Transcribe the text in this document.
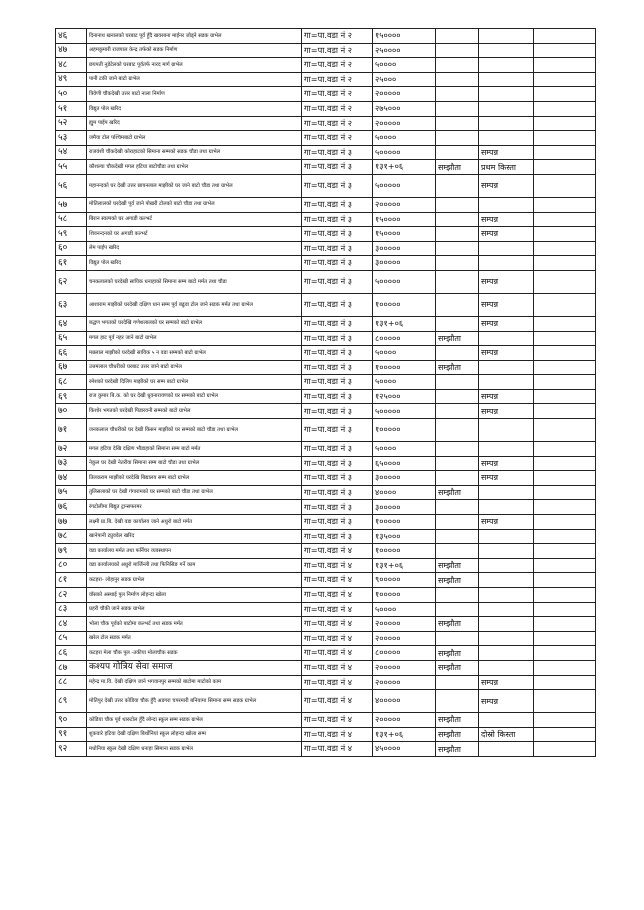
४६	दिनानाथ खनालको घरबाट पूर्व हुँदै खयरबना माईनर जोड्ने सडक ग्राभेल	गा=पा.वडा नं २	१५००००			
४७	अहमकुमारी राजपाल केन्द्र तर्फको सडक निर्माण	गा=पा.वडा नं २	२५००००			
४८	छयपती नुडेटेलको घरबाट पूर्वतर्फ नारद मार्ग ग्राभेल	गा=पा.वडा नं २	५००००			
४९	पानी टकी जाने बाटो ग्राभेल	गा=पा.वडा नं २	२५०००			
५०	त्रिवेणी चौकदेखी उत्तर बाटो नाला निर्माण	गा=पा.वडा नं २	२०००००			
५१	विद्युत पोल खरिद	गा=पा.वडा नं २	२७५०००			
५२	ह्युम पाईप खरिद	गा=पा.वडा नं २	२०००००			
५३	जमैया टोल पश्चिमबाटो ग्राभेल	गा=पा.वडा नं २	५००००			
५४	राजवंशी चौकदेखी कोराहाटको सिमाना सम्मको सडक चौडा तथा ग्राभेल	गा=पा.वडा नं ३	५०००००		सम्पन्न	
५५	कौशल्या चौकदेखी मगल हटिया बाटोचौडा तथा ग्राभेल	गा=पा.वडा नं ३	१३१+०६	सम्झौता	प्रथम किस्ता	
५६	महानन्दको घर देखी उत्तर छायनलाल माझीको घर जाने बाटो चौडा तथा ग्राभेल	गा=पा.वडा नं ३	५०००००		सम्पन्न	
५७	मोतिलालको घरदेखी पूर्व जाने पोखरी टोलको बाटो चौडा तथा ग्राभेल	गा=पा.वडा नं ३	२०००००			
५८	बिरान स्वल्पको घर अगाडी कल्भर्ट	गा=पा.वडा नं ३	१५००००		सम्पन्न	
५९	शिवनन्दनको घर अगाडी कल्भर्ट	गा=पा.वडा नं ३	१५००००		सम्पन्न	
६०	लेम पाईप खरिद	गा=पा.वडा नं ३	३०००००			
६१	विद्युत पोल खरिद	गा=पा.वडा नं ३	३०००००			
६२	चनकलालको घरदेखी सायिक धनाहाको सिमाना सम्म बाटो मर्मत तथा चौडा	गा=पा.वडा नं ३	५०००००		सम्पन्न	
६३	आशाराम माझीको घरदेखी दक्षिण धान सम्म पूर्व बढुवा टोल जाने सडक मर्मत तथा ग्राभेल	गा=पा.वडा नं ३	१०००००		सम्पन्न	
६४	बद्धण भगतको घरदेखि गणेशलालको घर सम्मको बाटो ग्राभेल	गा=पा.वडा नं ३	१३१+०६		सम्पन्न	
६५	मगल हाट पूर्व नहर जाने बाटो ग्राभेल	गा=पा.वडा नं ३	८०००००	सम्झौता		
६६	मन्नलाल माझीको घरदेखी सायिक ५ न वडा सम्मको बाटो ग्राभेल	गा=पा.वडा नं ३	५००००		सम्पन्न	
६७	उत्तमलाल चौधरीको घरबाट उत्तर जाने बाटो ग्राभेल	गा=पा.वडा नं ३	१०००००	सम्झौता		
६८	रमेशको घरदेखी दिलिप माझीको घर सम्म बाटो ग्राभेल	गा=पा.वडा नं ३	५००००			
६९	राज कुमार बि.क. को घर देखी धुवनारायणको घर सम्मको बाटो ग्राभेल	गा=पा.वडा नं ३	१२५०००		सम्पन्न	
७०	किशोर भगतको घरदेखी पिडारवनी सम्मको बाटो ग्राभेल	गा=पा.वडा नं ३	५०००००		सम्पन्न	
७१	जनकलाल चौधरीको घर देखी किसन माझीको घर सम्मको बाटो चौडा तथा ग्राभेल	गा=पा.वडा नं ३	१०००००			
७२	मगल हटिया देखि दक्षिण भौडाहाको सिमाना सम्म बाटो मर्मत	गा=पा.वडा नं ३	५००००			
७३	नेकुल घर देखी नेतरीया सिमाना सम्म बाटो चौडा तथा ग्राभेल	गा=पा.वडा नं ३	६५००००		सम्पन्न	
७४	तिलकराम माझीको घरदेखि बिद्यालय सम्म बाटो ग्राभेल	गा=पा.वडा नं ३	३०००००		सम्पन्न	
७५	तुलिसलाको घर देखी गंगारामको घर सम्मको बाटो चौडा तथा ग्राभेल	गा=पा.वडा नं ३	४००००	सम्झौता		
७६	रंगटोलीमा बिद्युत ट्रान्सफरमर	गा=पा.वडा नं ३	३०००००			
७७	लक्ष्मी प्रा.बि. देखी वडा कार्यालय जाने अधुरो बाटो मर्मत	गा=पा.वडा नं ३	१०००००		सम्पन्न	
७८	खानेपानी ट्युववेल खरिद	गा=पा.वडा नं ३	१३५०००			
७९	वडा कार्यालय मर्मत तथा फर्निचर व्यवस्थापन	गा=पा.वडा नं ४	१०००००			
८०	वडा कार्यालयको अधुरो मार्जिन्ली तथा फिनिसिङ गर्ने काम	गा=पा.वडा नं ४	१३१+०६	सम्झौता		
८१	कटहरा- लोहानुर सडक ग्राभेल	गा=पा.वडा नं ४	९०००००	सम्झौता		
८२	वाँसको अस्थाई पुल निर्माण लोहन्दा खोला	गा=पा.वडा नं ४	१०००००			
८३	प्रहरी चौकी जाने सडक ग्राभेल	गा=पा.वडा नं ४	५००००			
८४	भोला चौक पूर्वको बाटोमा कल्भर्ट तथा सडक मर्मत	गा=पा.वडा नं ४	२०००००	सम्झौता		
८५	खरेल टोल सडक मर्मत	गा=पा.वडा नं ४	२०००००			
८६	कटहरा मेला चौक पुल -तकीया मोलाचौक सडक	गा=पा.वडा नं ४	८०००००	सम्झौता		
८७	कश्यप गोत्रिय सेवा समाज	गा=पा.वडा नं ४	२०००००	सम्झौता		
८८	महेन्द्र मा.वि. देखी दक्षिण जाने भगवानपुर सम्मको बाटोमा माटोको काम	गा=पा.वडा नं ४	२०००००		सम्पन्न	
८९	मोतिपुर देखी उत्तर कोडिया चौक हुँदै अडगरा चपरमारी बनियामा सिमाना सम्म सडक ग्राभेल	गा=पा.वडा नं ४	४०००००		सम्पन्न	
९०	कोडिया चौक पूर्व थारुटोल हुँदै लोन्दा स्कुल सम्म सडक ग्राभेल	गा=पा.वडा नं ४	२०००००	सम्झौता		
९१	शुकवारे हटिया देखी दक्षिण बिर्थोनियां स्कुल लोहन्दा खोला सम्म	गा=पा.वडा नं ४	१३१+०६	सम्झौता	दोस्रो किस्ता	
९२	मधोनिया स्कुल देखी दक्षिण धनाहा सिमाना सडक ग्राभेल	गा=पा.वडा नं ४	४५००००	सम्झौता		
